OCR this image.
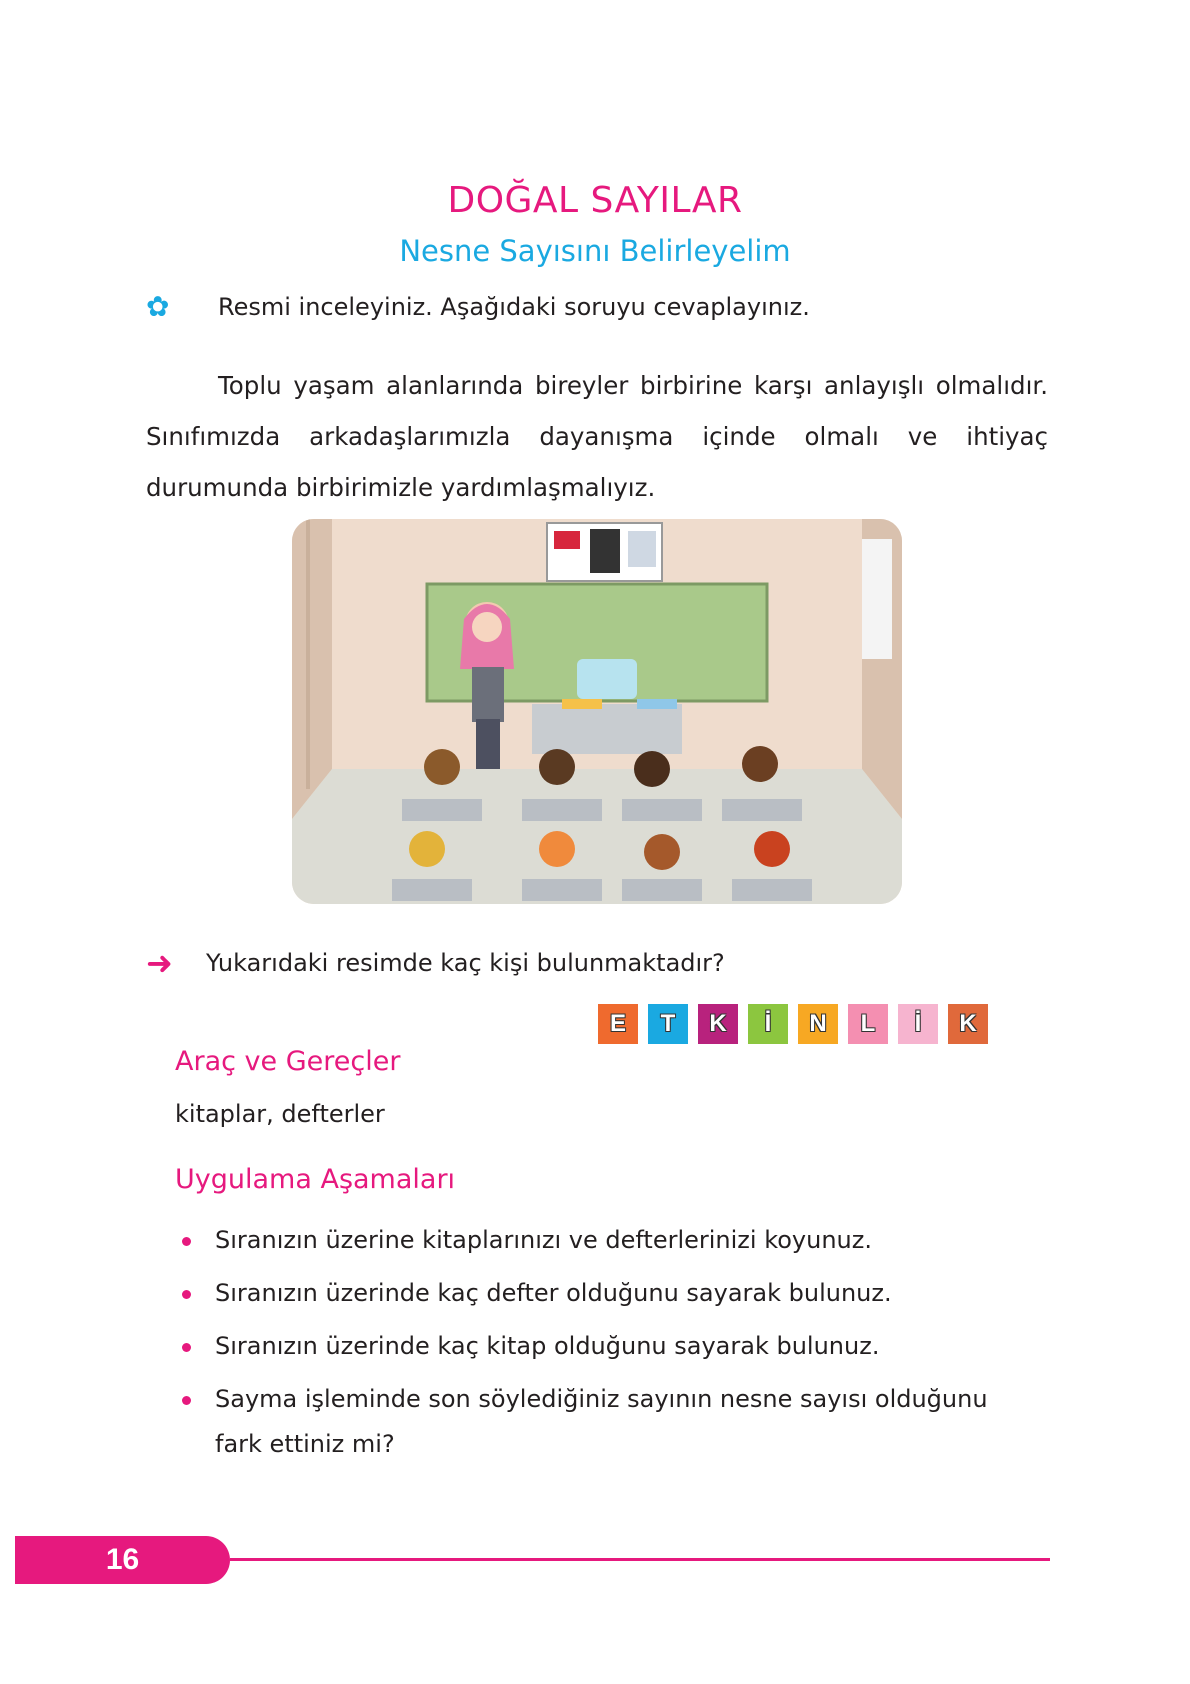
DOĞAL SAYILAR
Nesne Sayısını Belirleyelim
✿	Resmi inceleyiniz. Aşağıdaki soruyu cevaplayınız.
Toplu yaşam alanlarında bireyler birbirine karşı anlayışlı olmalıdır. Sınıfımızda arkadaşlarımızla dayanışma içinde olmalı ve ihtiyaç durumunda birbirimizle yardımlaşmalıyız.
➜	Yukarıdaki resimde kaç kişi bulunmaktadır?
E	T	K	İ	N	L	İ	K
Araç ve Gereçler
kitaplar, defterler
Uygulama Aşamaları
Sıranızın üzerine kitaplarınızı ve defterlerinizi koyunuz.
Sıranızın üzerinde kaç defter olduğunu sayarak bulunuz.
Sıranızın üzerinde kaç kitap olduğunu sayarak bulunuz.
Sayma işleminde son söylediğiniz sayının nesne sayısı olduğunu fark ettiniz mi?
16
